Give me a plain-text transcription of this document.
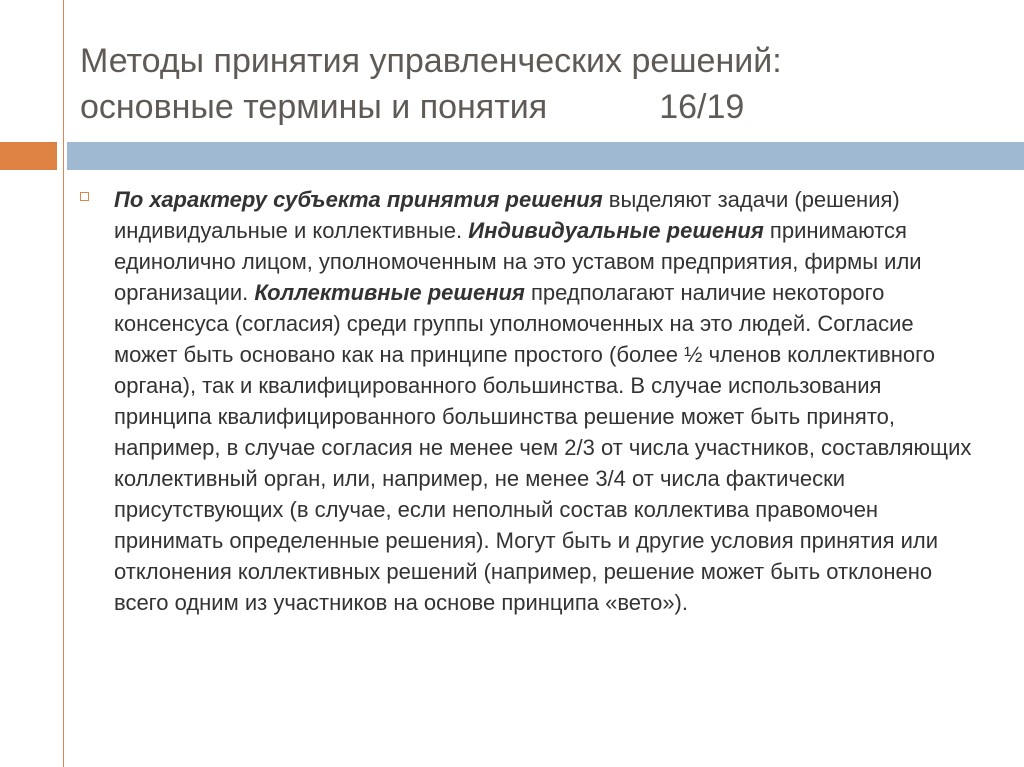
Методы принятия управленческих решений:
основные термины и понятия	16/19

По характеру субъекта принятия решения выделяют задачи (решения) индивидуальные и коллективные. Индивидуальные решения принимаются единолично лицом, уполномоченным на это уставом предприятия, фирмы или организации. Коллективные решения предполагают наличие некоторого консенсуса (согласия) среди группы уполномоченных на это людей. Согласие может быть основано как на принципе простого (более ½ членов коллективного органа), так и квалифицированного большинства. В случае использования принципа квалифицированного большинства решение может быть принято, например, в случае согласия не менее чем 2/3 от числа участников, составляющих коллективный орган, или, например, не менее 3/4 от числа фактически присутствующих (в случае, если неполный состав коллектива правомочен принимать определенные решения). Могут быть и другие условия принятия или отклонения коллективных решений (например, решение может быть отклонено всего одним из участников на основе принципа «вето»).
